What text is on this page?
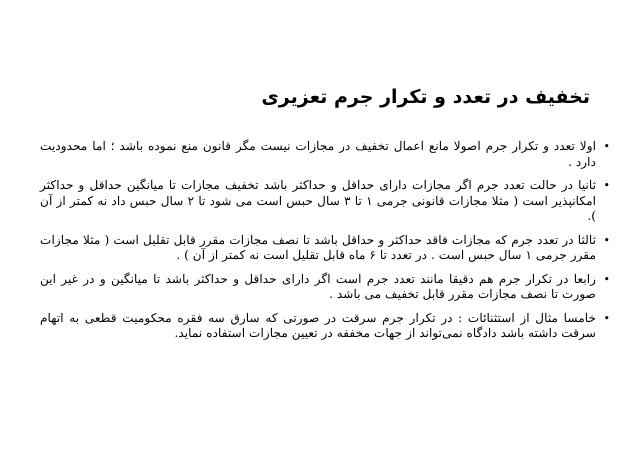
تخفیف در تعدد و تکرار جرم تعزیری
•
اولا تعدد و تکرار جرم اصولا مانع اعمال تخفیف در مجازات نیست مگر قانون منع نموده باشد ؛ اما محدودیت دارد .
•
ثانیا در حالت تعدد جرم اگر مجازات دارای حداقل و حداکثر باشد تخفیف مجازات تا میانگین حداقل و حداکثر امکانپذیر است ( مثلا مجازات قانونی جرمی ۱ تا ۳ سال حبس است می شود تا ۲ سال حبس داد نه کمتر از آن ).
•
ثالثا در تعدد جرم که مجازات فاقد حداکثر و حداقل باشد تا نصف مجازات مقرر قابل تقلیل است ( مثلا مجازات مقرر جرمی ۱ سال حبس است . در تعدد تا ۶ ماه قابل تقلیل است نه کمتر از آن ) .
•
رابعا در تکرار جرم هم دقیقا مانند تعدد جرم است اگر دارای حداقل و حداکثر باشد تا میانگین و در غیر این صورت تا نصف مجازات مقرر قابل تخفیف می باشد .
•
خامسا مثال از استثنائات : در تکرار جرم سرقت در صورتی که سارق سه فقره محکومیت قطعی به اتهام سرقت داشته باشد دادگاه نمی‌تواند از جهات مخففه در تعیین مجازات استفاده نماید.
